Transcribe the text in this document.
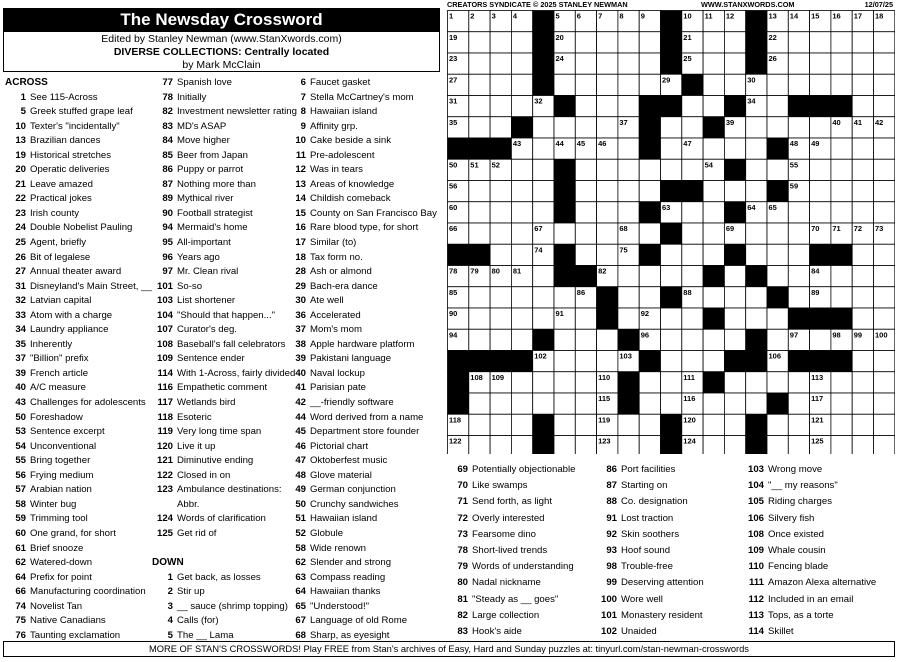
The Newsday Crossword
Edited by Stanley Newman (www.StanXwords.com)
DIVERSE COLLECTIONS: Centrally located
by Mark McClain
ACROSS
1 See 115-Across
5 Greek stuffed grape leaf
10 Texter's "incidentally"
13 Brazilian dances
19 Historical stretches
20 Operatic deliveries
21 Leave amazed
22 Practical jokes
23 Irish county
24 Double Nobelist Pauling
25 Agent, briefly
26 Bit of legalese
27 Annual theater award
31 Disneyland's Main Street, __
32 Latvian capital
33 Atom with a charge
34 Laundry appliance
35 Inherently
37 "Billion" prefix
39 French article
40 A/C measure
43 Challenges for adolescents
50 Foreshadow
53 Sentence excerpt
54 Unconventional
55 Bring together
56 Frying medium
57 Arabian nation
58 Winter bug
59 Trimming tool
60 One grand, for short
61 Brief snooze
62 Watered-down
64 Prefix for point
66 Manufacturing coordination
74 Novelist Tan
75 Native Canadians
76 Taunting exclamation
77 Spanish love
78 Initially
82 Investment newsletter rating
83 MD's ASAP
84 Move higher
85 Beer from Japan
86 Puppy or parrot
87 Nothing more than
89 Mythical river
90 Football strategist
94 Mermaid's home
95 All-important
96 Years ago
97 Mr. Clean rival
101 So-so
103 List shortener
104 "Should that happen..."
107 Curator's deg.
108 Baseball's fall celebrators
109 Sentence ender
114 With 1-Across, fairly divided
116 Empathetic comment
117 Wetlands bird
118 Esoteric
119 Very long time span
120 Live it up
121 Diminutive ending
122 Closed in on
123 Ambulance destinations:
Abbr.
124 Words of clarification
125 Get rid of
DOWN
1 Get back, as losses
2 Stir up
3 __ sauce (shrimp topping)
4 Calls (for)
5 The __ Lama
6 Faucet gasket
7 Stella McCartney's mom
8 Hawaiian island
9 Affinity grp.
10 Cake beside a sink
11 Pre-adolescent
12 Was in tears
13 Areas of knowledge
14 Childish comeback
15 County on San Francisco Bay
16 Rare blood type, for short
17 Similar (to)
18 Tax form no.
28 Ash or almond
29 Bach-era dance
30 Ate well
36 Accelerated
37 Mom's mom
38 Apple hardware platform
39 Pakistani language
40 Naval lockup
41 Parisian pate
42 __-friendly software
44 Word derived from a name
45 Department store founder
46 Pictorial chart
47 Oktoberfest music
48 Glove material
49 German conjunction
50 Crunchy sandwiches
51 Hawaiian island
52 Globule
58 Wide renown
62 Slender and strong
63 Compass reading
64 Hawaiian thanks
65 "Understood!"
67 Language of old Rome
68 Sharp, as eyesight
CREATORS SYNDICATE © 2025 STANLEY NEWMAN	WWW.STANXWORDS.COM	12/07/25
1 2 3 4	5 6 7 8 9	10 11 12	13 14 15 16 17 18
19	20	21	22
23	24	25	26
27	28	29	30
31	32	33	34
35	36	37 38	39	40 41 42
43	44 45 46	47	48 49
50 51 52	53	54	55
56	57	58	59
60	61	62 63	64 65
66	67	68	69	70 71 72 73
74	75	76	77
78 79 80 81	82	83	84
85	86	87 88	89
90	91	92	93
94	95	96	97	98 99 100
101 102	103	104 105 106	107
108 109	110	111 112	113
114	115	116	117
118	119	120	121
122	123	124	125
69 Potentially objectionable
70 Like swamps
71 Send forth, as light
72 Overly interested
73 Fearsome dino
78 Short-lived trends
79 Words of understanding
80 Nadal nickname
81 "Steady as __ goes"
82 Large collection
83 Hook's aide
86 Port facilities
87 Starting on
88 Co. designation
91 Lost traction
92 Skin soothers
93 Hoof sound
98 Trouble-free
99 Deserving attention
100 Wore well
101 Monastery resident
102 Unaided
103 Wrong move
104 "__ my reasons"
105 Riding charges
106 Silvery fish
108 Once existed
109 Whale cousin
110 Fencing blade
111 Amazon Alexa alternative
112 Included in an email
113 Tops, as a torte
114 Skillet
MORE OF STAN'S CROSSWORDS! Play FREE from Stan's archives of Easy, Hard and Sunday puzzles at: tinyurl.com/stan-newman-crosswords
